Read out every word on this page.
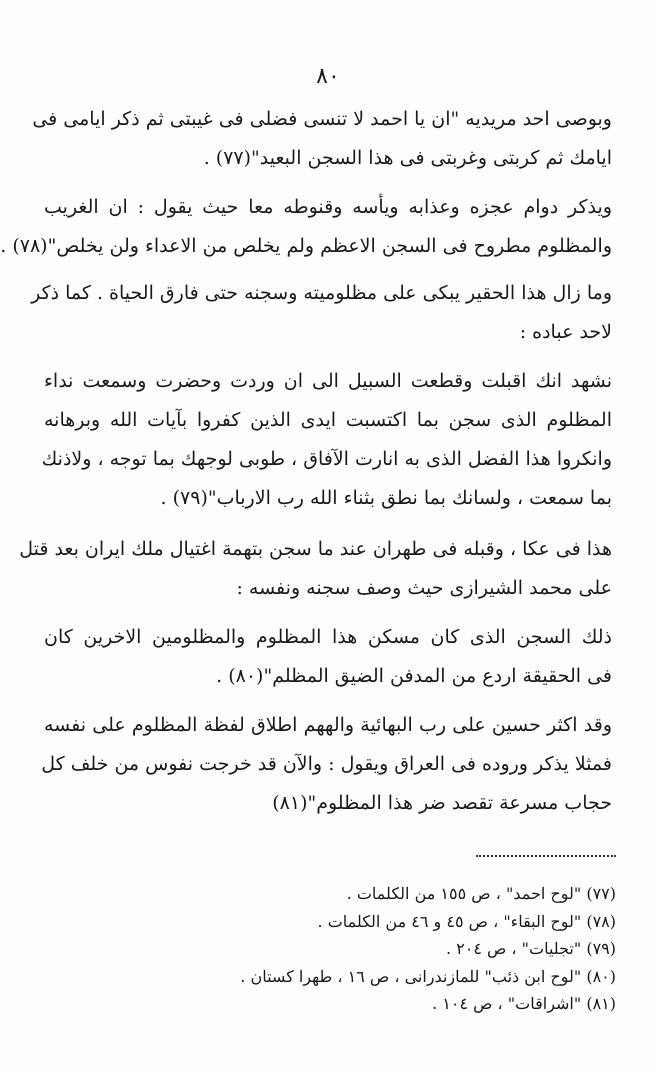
٨٠
وبوصى احد مريديه "ان يا احمد لا تنسى فضلى فى غيبتى ثم ذكر ايامى فى
ايامك ثم كربتى وغربتى فى هذا السجن البعيد"(٧٧) .
ويذكر دوام عجزه وعذابه ويأسه وقنوطه معا حيث يقول : ان الغريب
والمظلوم مطروح فى السجن الاعظم ولم يخلص من الاعداء ولن يخلص"(٧٨) .
وما زال هذا الحقير يبكى على مظلوميته وسجنه حتى فارق الحياة . كما ذكر
لاحد عباده :
نشهد انك اقبلت وقطعت السبيل الى ان وردت وحضرت وسمعت نداء
المظلوم الذى سجن بما اكتسبت ايدى الذين كفروا بآيات الله وبرهانه
وانكروا هذا الفضل الذى به انارت الآفاق ، طوبى لوجهك بما توجه ، ولاذنك
بما سمعت ، ولسانك بما نطق بثناء الله رب الارباب"(٧٩) .
هذا فى عكا ، وقبله فى طهران عند ما سجن بتهمة اغتيال ملك ايران بعد قتل
على محمد الشيرازى حيث وصف سجنه ونفسه :
ذلك السجن الذى كان مسكن هذا المظلوم والمظلومين الاخرين كان
فى الحقيقة اردع من المدفن الضيق المظلم"(٨٠) .
وقد اكثر حسين على رب البهائية والههم اطلاق لفظة المظلوم على نفسه
فمثلا يذكر وروده فى العراق ويقول : والآن قد خرجت نفوس من خلف كل
حجاب مسرعة تقصد ضر هذا المظلوم"(٨١)
(٧٧) "لوح احمد" ، ص ١٥٥ من الكلمات .
(٧٨) "لوح البقاء" ، ص ٤٥ و ٤٦ من الكلمات .
(٧٩) "تجليات" ، ص ٢٠٤ .
(٨٠) "لوح ابن ذئب" للمازندرانى ، ص ١٦ ، طهرا كستان .
(٨١) "اشراقات" ، ص ١٠٤ .
